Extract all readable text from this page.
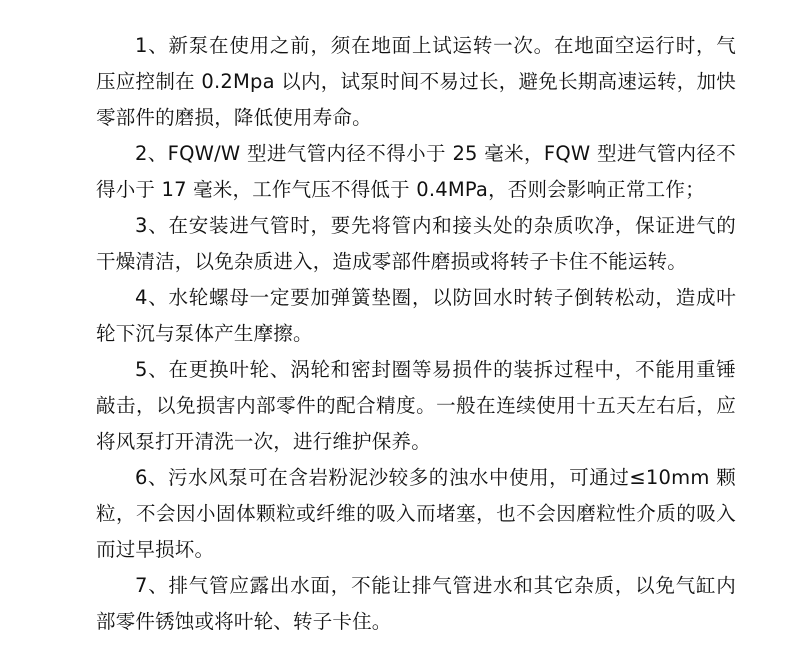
1、新泵在使用之前，须在地面上试运转一次。在地面空运行时，气压应控制在 0.2Mpa 以内，试泵时间不易过长，避免长期高速运转，加快零部件的磨损，降低使用寿命。

2、FQW/W 型进气管内径不得小于 25 毫米，FQW 型进气管内径不得小于 17 毫米，工作气压不得低于 0.4MPa，否则会影响正常工作；

3、在安装进气管时，要先将管内和接头处的杂质吹净，保证进气的干燥清洁，以免杂质进入，造成零部件磨损或将转子卡住不能运转。

4、水轮螺母一定要加弹簧垫圈，以防回水时转子倒转松动，造成叶轮下沉与泵体产生摩擦。

5、在更换叶轮、涡轮和密封圈等易损件的装拆过程中，不能用重锤敲击，以免损害内部零件的配合精度。一般在连续使用十五天左右后，应将风泵打开清洗一次，进行维护保养。

6、污水风泵可在含岩粉泥沙较多的浊水中使用，可通过≤10mm 颗粒，不会因小固体颗粒或纤维的吸入而堵塞，也不会因磨粒性介质的吸入而过早损坏。

7、排气管应露出水面，不能让排气管进水和其它杂质，以免气缸内部零件锈蚀或将叶轮、转子卡住。
